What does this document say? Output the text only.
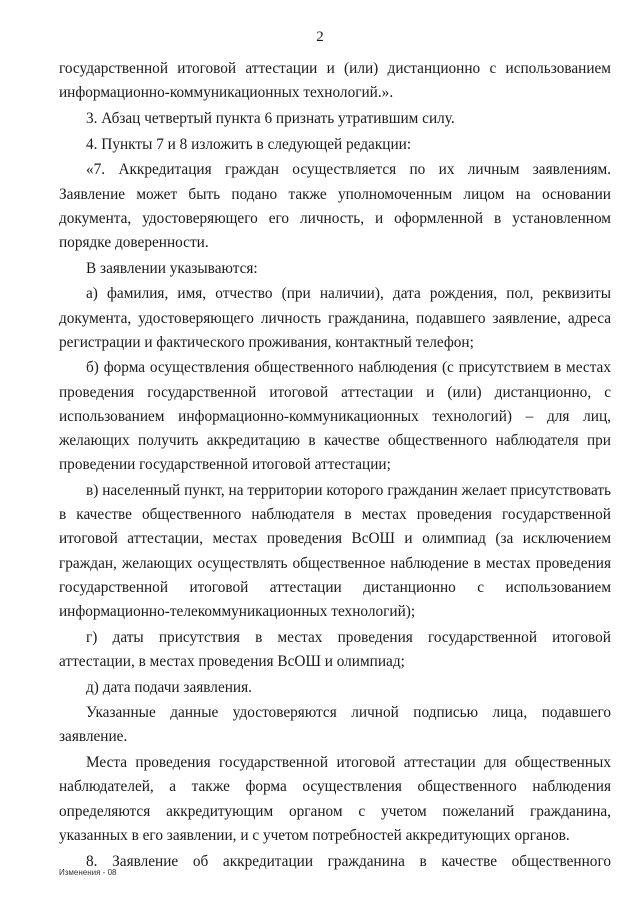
2

государственной итоговой аттестации и (или) дистанционно с использованием информационно-коммуникационных технологий.».

3. Абзац четвертый пункта 6 признать утратившим силу.

4. Пункты 7 и 8 изложить в следующей редакции:

«7. Аккредитация граждан осуществляется по их личным заявлениям. Заявление может быть подано также уполномоченным лицом на основании документа, удостоверяющего его личность, и оформленной в установленном порядке доверенности.

В заявлении указываются:

а) фамилия, имя, отчество (при наличии), дата рождения, пол, реквизиты документа, удостоверяющего личность гражданина, подавшего заявление, адреса регистрации и фактического проживания, контактный телефон;

б) форма осуществления общественного наблюдения (с присутствием в местах проведения государственной итоговой аттестации и (или) дистанционно, с использованием информационно-коммуникационных технологий) – для лиц, желающих получить аккредитацию в качестве общественного наблюдателя при проведении государственной итоговой аттестации;

в) населенный пункт, на территории которого гражданин желает присутствовать в качестве общественного наблюдателя в местах проведения государственной итоговой аттестации, местах проведения ВсОШ и олимпиад (за исключением граждан, желающих осуществлять общественное наблюдение в местах проведения государственной итоговой аттестации дистанционно с использованием информационно-телекоммуникационных технологий);

г) даты присутствия в местах проведения государственной итоговой аттестации, в местах проведения ВсОШ и олимпиад;

д) дата подачи заявления.

Указанные данные удостоверяются личной подписью лица, подавшего заявление.

Места проведения государственной итоговой аттестации для общественных наблюдателей, а также форма осуществления общественного наблюдения определяются аккредитующим органом с учетом пожеланий гражданина, указанных в его заявлении, и с учетом потребностей аккредитующих органов.

8. Заявление об аккредитации гражданина в качестве общественного

Изменения - 08
